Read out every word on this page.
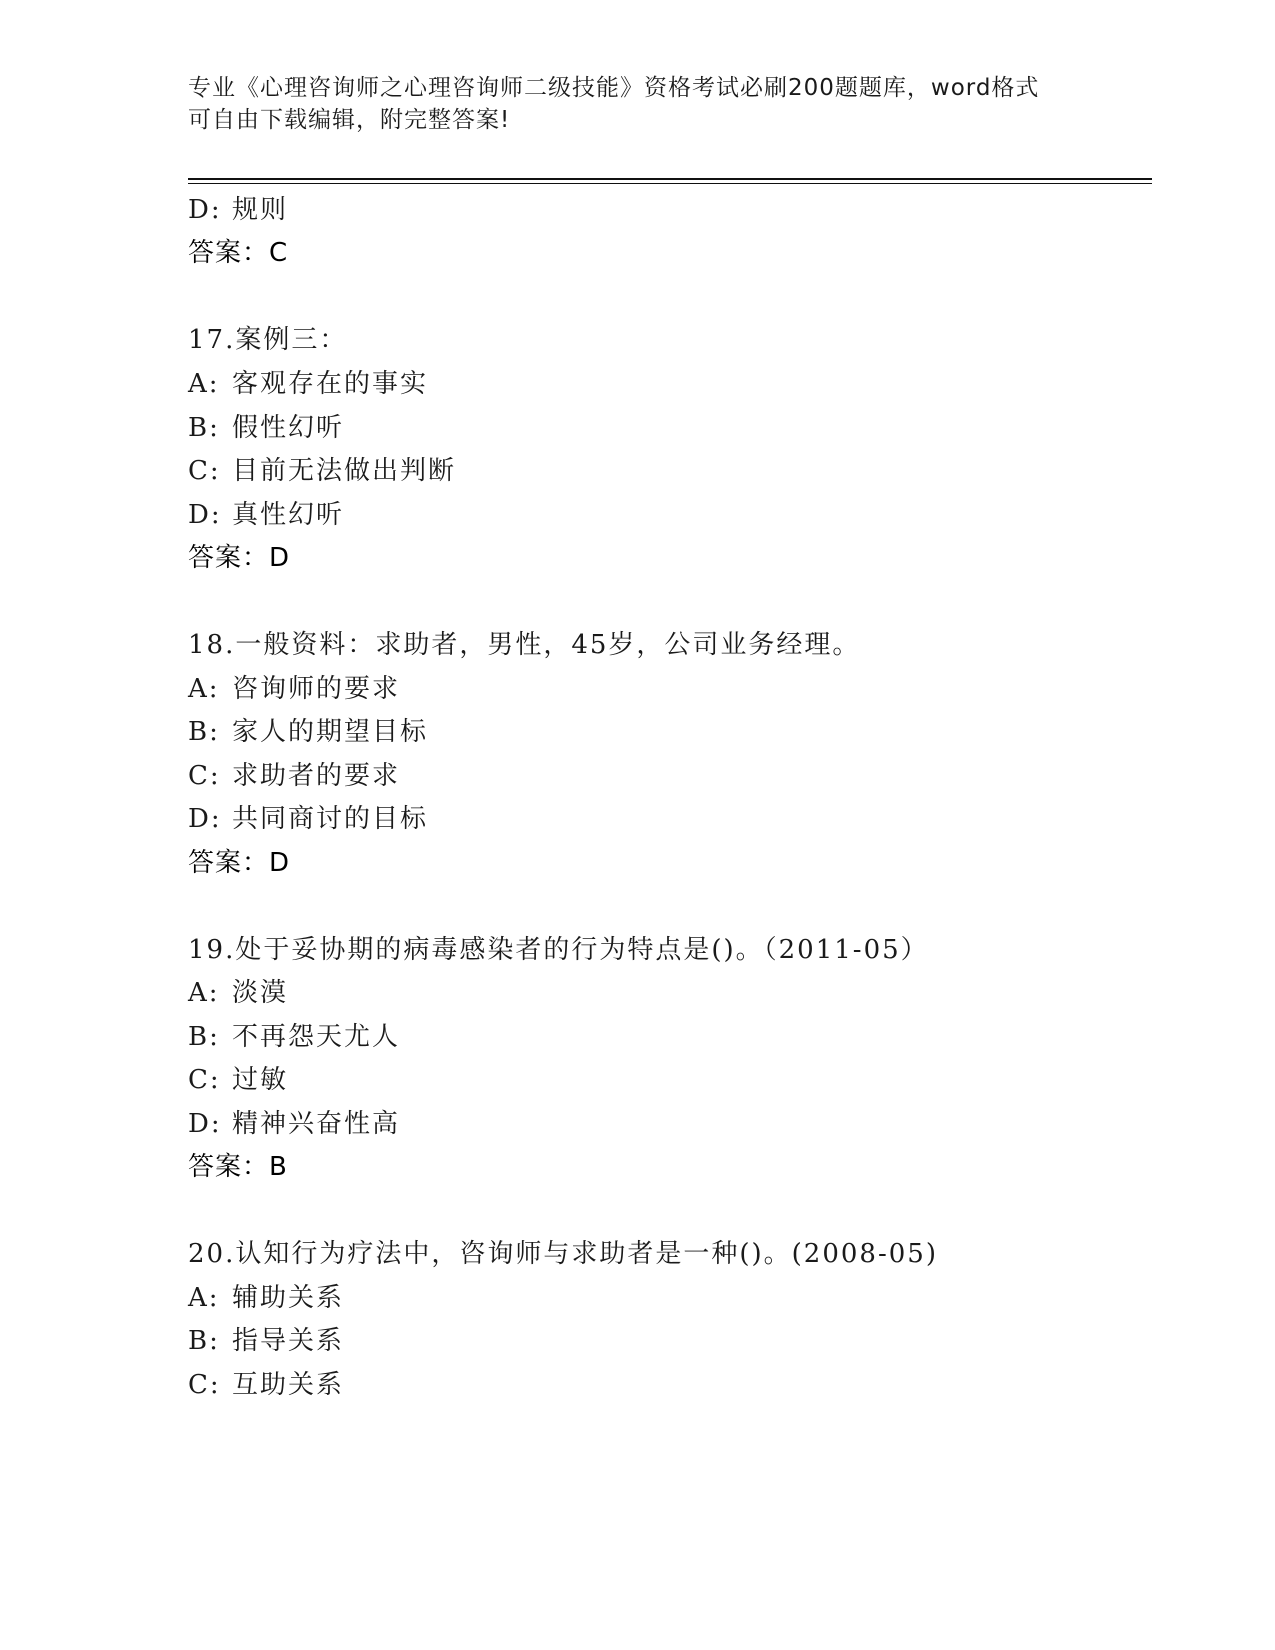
专业《心理咨询师之心理咨询师二级技能》资格考试必刷200题题库，word格式
可自由下载编辑，附完整答案!
D: 规则
答案：C
17.案例三：
A: 客观存在的事实
B: 假性幻听
C: 目前无法做出判断
D: 真性幻听
答案：D
18.一般资料：求助者，男性，45岁，公司业务经理。
A: 咨询师的要求
B: 家人的期望目标
C: 求助者的要求
D: 共同商讨的目标
答案：D
19.处于妥协期的病毒感染者的行为特点是()。（2011-05）
A: 淡漠
B: 不再怨天尤人
C: 过敏
D: 精神兴奋性高
答案：B
20.认知行为疗法中，咨询师与求助者是一种()。(2008-05)
A: 辅助关系
B: 指导关系
C: 互助关系
